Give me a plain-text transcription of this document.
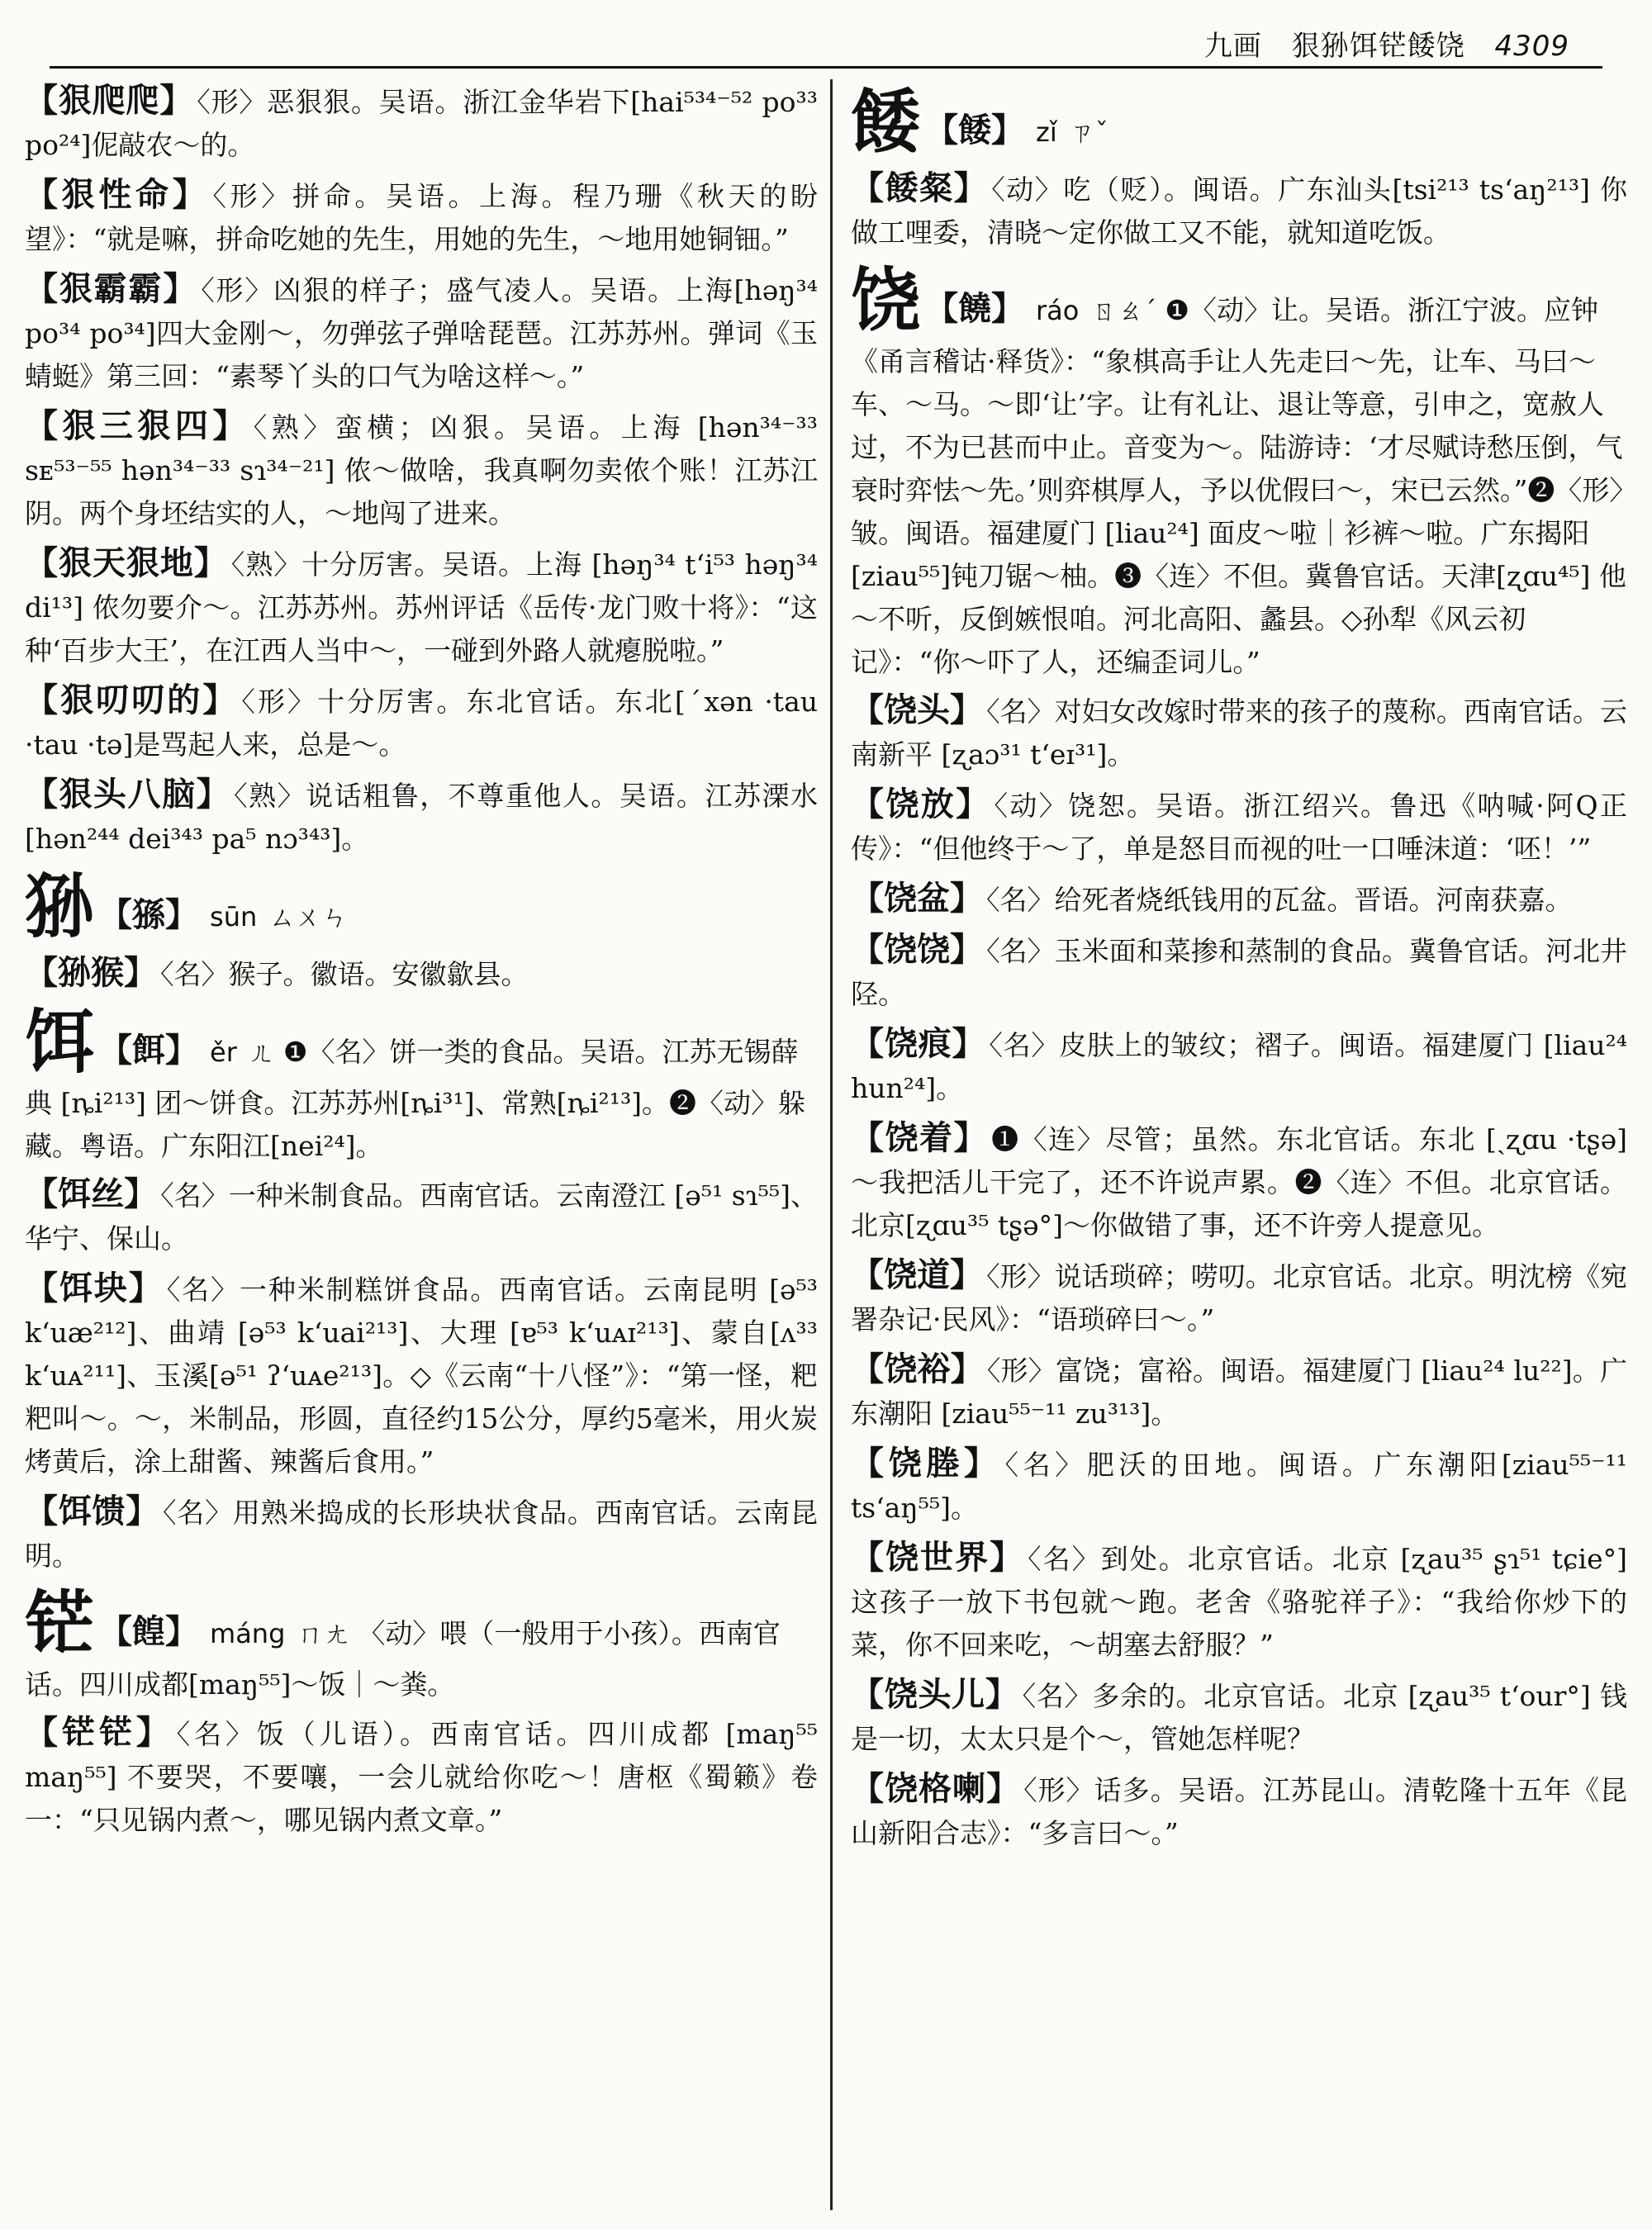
九画 狠狲饵铓餧饶 4309
【狠爬爬】 〈形〉恶狠狠。吴语。浙江金华岩下[hai⁵³⁴⁻⁵² po³³ po²⁴]伲敲农～的。
【狠性命】 〈形〉拼命。吴语。上海。程乃珊《秋天的盼望》：“就是嘛，拼命吃她的先生，用她的先生，～地用她铜钿。”
【狠霸霸】 〈形〉凶狠的样子；盛气凌人。吴语。上海[həŋ³⁴ po³⁴ po³⁴]四大金刚～，勿弹弦子弹啥琵琶。江苏苏州。弹词《玉蜻蜓》第三回：“素琴丫头的口气为啥这样～。”
【狠三狠四】 〈熟〉蛮横；凶狠。吴语。上海 [hən³⁴⁻³³ sᴇ⁵³⁻⁵⁵ hən³⁴⁻³³ sɿ³⁴⁻²¹] 侬～做啥，我真啊勿卖侬个账！江苏江阴。两个身坯结实的人，～地闯了进来。
【狠天狠地】 〈熟〉十分厉害。吴语。上海 [həŋ³⁴ t‘i⁵³ həŋ³⁴ di¹³] 侬勿要介～。江苏苏州。苏州评话《岳传·龙门败十将》：“这种‘百步大王’，在江西人当中～，一碰到外路人就瘪脱啦。”
【狠叨叨的】 〈形〉十分厉害。东北官话。东北[ˊxən ·tau ·tau ·tə]是骂起人来，总是～。
【狠头八脑】 〈熟〉说话粗鲁，不尊重他人。吴语。江苏溧水[hən²⁴⁴ dei³⁴³ pa⁵ nɔ³⁴³]。
狲 【猻】 sūn ㄙㄨㄣ
【狲猴】 〈名〉猴子。徽语。安徽歙县。
饵 【餌】 ěr ㄦ ❶〈名〉饼一类的食品。吴语。江苏无锡薛典 [ȵi²¹³] 团～饼食。江苏苏州[ȵi³¹]、常熟[ȵi²¹³]。❷〈动〉躲藏。粤语。广东阳江[nei²⁴]。
【饵丝】 〈名〉一种米制食品。西南官话。云南澄江 [ə⁵¹ sɿ⁵⁵]、华宁、保山。
【饵块】 〈名〉一种米制糕饼食品。西南官话。云南昆明 [ə⁵³ k‘uæ²¹²]、曲靖 [ə⁵³ k‘uai²¹³]、大理 [ɐ⁵³ k‘uᴀɪ²¹³]、蒙自[ʌ³³ k‘uᴀ²¹¹]、玉溪[ə⁵¹ ʔ‘uᴀe²¹³]。◇《云南“十八怪”》：“第一怪，粑粑叫～。～，米制品，形圆，直径约15公分，厚约5毫米，用火炭烤黄后，涂上甜酱、辣酱后食用。”
【饵馈】 〈名〉用熟米捣成的长形块状食品。西南官话。云南昆明。
铓 【餭】 máng ㄇㄤ 〈动〉喂（一般用于小孩）。西南官话。四川成都[maŋ⁵⁵]～饭｜～粪。
【铓铓】 〈名〉饭（儿语）。西南官话。四川成都 [maŋ⁵⁵ maŋ⁵⁵] 不要哭，不要嚷，一会儿就给你吃～！唐枢《蜀籁》卷一：“只见锅内煮～，哪见锅内煮文章。”
餧 【餧】 zǐ ㄗˇ
【餧粲】 〈动〉吃（贬）。闽语。广东汕头[tsi²¹³ ts‘aŋ²¹³] 你做工哩委，清晓～定你做工又不能，就知道吃饭。
饶 【饒】 ráo ㄖㄠˊ ❶〈动〉让。吴语。浙江宁波。应钟《甬言稽诂·释货》：“象棋高手让人先走曰～先，让车、马曰～车、～马。～即‘让’字。让有礼让、退让等意，引申之，宽赦人过，不为已甚而中止。音变为～。陆游诗：‘才尽赋诗愁压倒，气衰时弈怯～先。’则弈棋厚人，予以优假曰～，宋已云然。”❷〈形〉皱。闽语。福建厦门 [liau²⁴] 面皮～啦｜衫裤～啦。广东揭阳[ziau⁵⁵]钝刀锯～柚。❸〈连〉不但。冀鲁官话。天津[ʐɑu⁴⁵] 他～不听，反倒嫉恨咱。河北高阳、蠡县。◇孙犁《风云初记》：“你～吓了人，还编歪词儿。”
【饶头】 〈名〉对妇女改嫁时带来的孩子的蔑称。西南官话。云南新平 [ʐaɔ³¹ t‘eɪ³¹]。
【饶放】 〈动〉饶恕。吴语。浙江绍兴。鲁迅《呐喊·阿Q正传》：“但他终于～了，单是怒目而视的吐一口唾沫道：‘呸！’”
【饶盆】 〈名〉给死者烧纸钱用的瓦盆。晋语。河南获嘉。
【饶饶】 〈名〉玉米面和菜掺和蒸制的食品。冀鲁官话。河北井陉。
【饶痕】 〈名〉皮肤上的皱纹；褶子。闽语。福建厦门 [liau²⁴ hun²⁴]。
【饶着】 ❶〈连〉尽管；虽然。东北官话。东北 [ˏʐɑu ·tʂə] ～我把活儿干完了，还不许说声累。❷〈连〉不但。北京官话。北京[ʐɑu³⁵ tʂə°]～你做错了事，还不许旁人提意见。
【饶道】 〈形〉说话琐碎；唠叨。北京官话。北京。明沈榜《宛署杂记·民风》：“语琐碎曰～。”
【饶裕】 〈形〉富饶；富裕。闽语。福建厦门 [liau²⁴ lu²²]。广东潮阳 [ziau⁵⁵⁻¹¹ zu³¹³]。
【饶塍】 〈名〉肥沃的田地。闽语。广东潮阳[ziau⁵⁵⁻¹¹ ts‘aŋ⁵⁵]。
【饶世界】 〈名〉到处。北京官话。北京 [ʐau³⁵ ʂɿ⁵¹ tɕie°] 这孩子一放下书包就～跑。老舍《骆驼祥子》：“我给你炒下的菜，你不回来吃，～胡塞去舒服？”
【饶头儿】 〈名〉多余的。北京官话。北京 [ʐau³⁵ t‘our°] 钱是一切，太太只是个～，管她怎样呢？
【饶格喇】 〈形〉话多。吴语。江苏昆山。清乾隆十五年《昆山新阳合志》：“多言曰～。”
